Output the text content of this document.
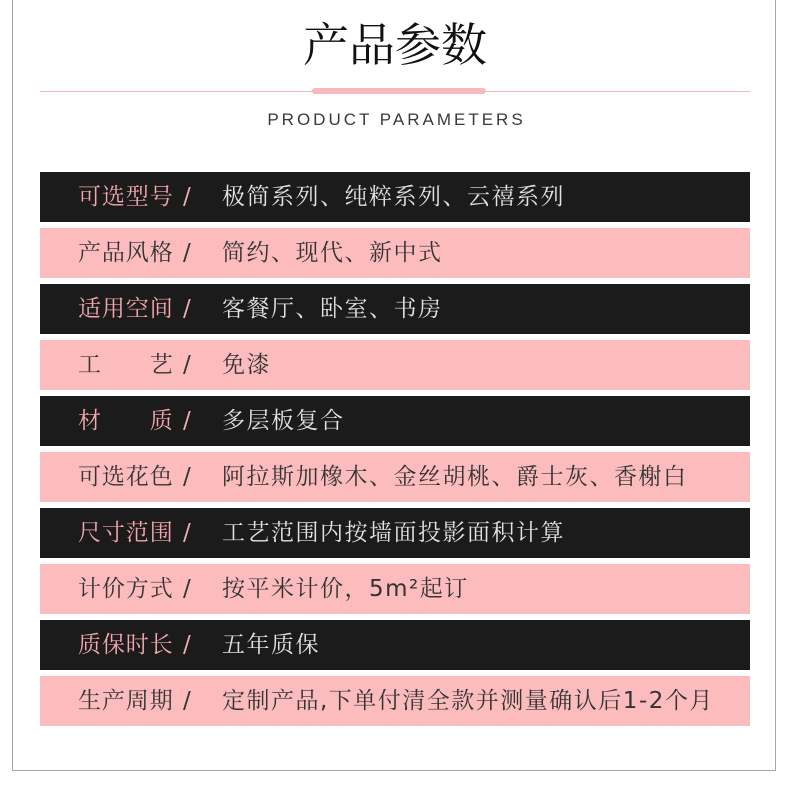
产品参数
PRODUCT PARAMETERS
可选型号 / 极简系列、纯粹系列、云禧系列
产品风格 / 简约、现代、新中式
适用空间 / 客餐厅、卧室、书房
工艺 / 免漆
材质 / 多层板复合
可选花色 / 阿拉斯加橡木、金丝胡桃、爵士灰、香榭白
尺寸范围 / 工艺范围内按墙面投影面积计算
计价方式 / 按平米计价，5m²起订
质保时长 / 五年质保
生产周期 / 定制产品,下单付清全款并测量确认后1-2个月
